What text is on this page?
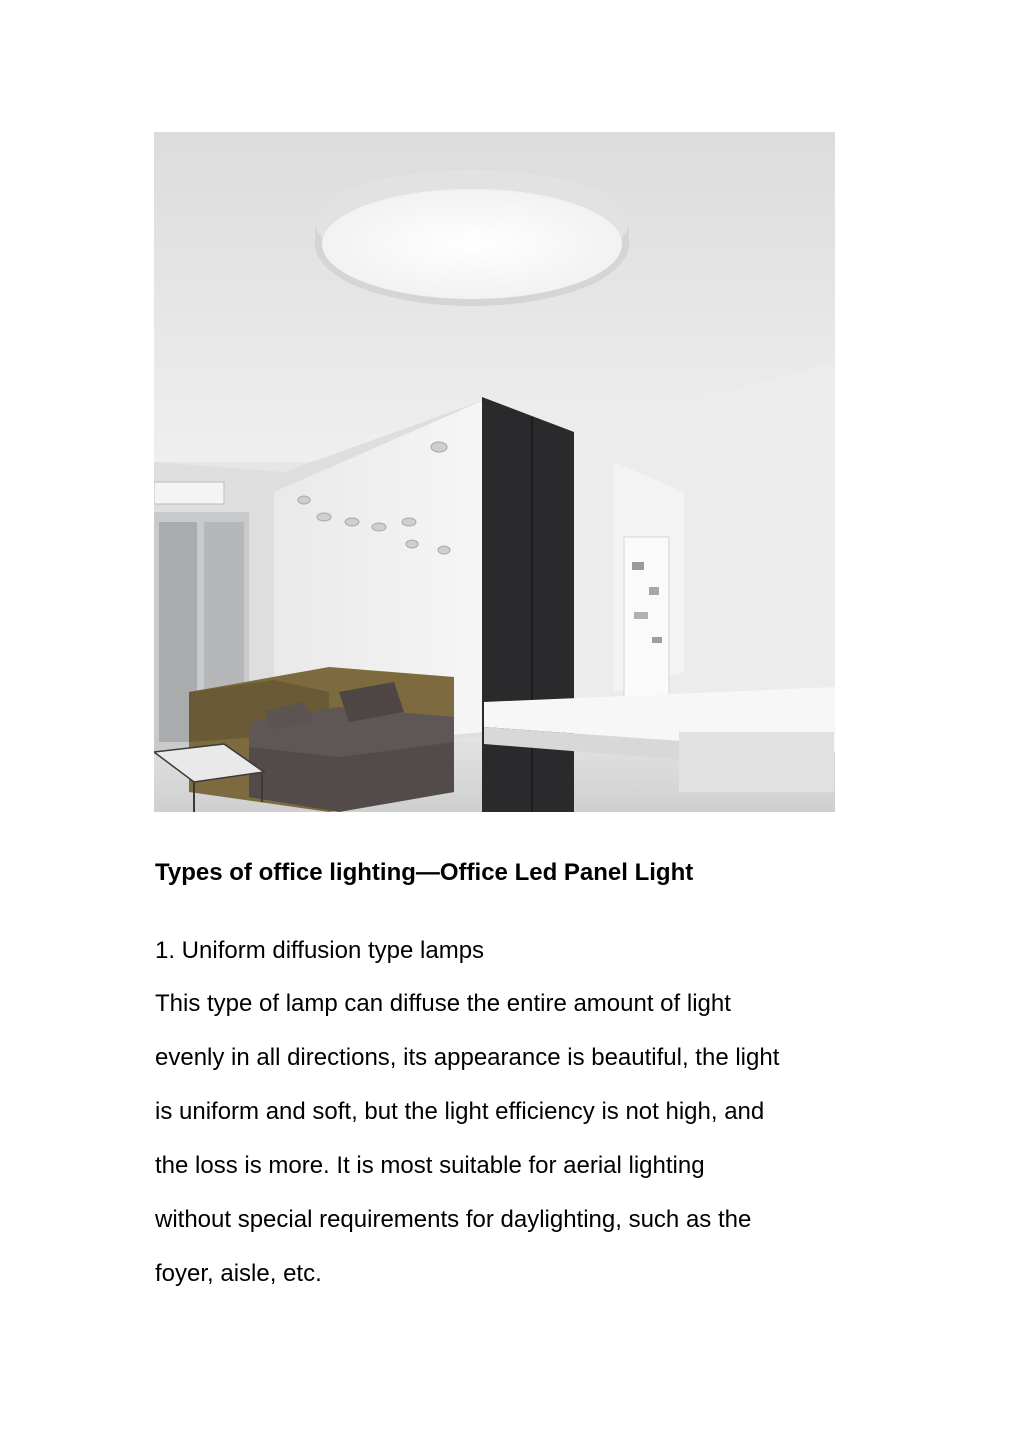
Types of office lighting—Office Led Panel Light

1. Uniform diffusion type lamps

This type of lamp can diffuse the entire amount of light
evenly in all directions, its appearance is beautiful, the light
is uniform and soft, but the light efficiency is not high, and
the loss is more. It is most suitable for aerial lighting
without special requirements for daylighting, such as the
foyer, aisle, etc.
